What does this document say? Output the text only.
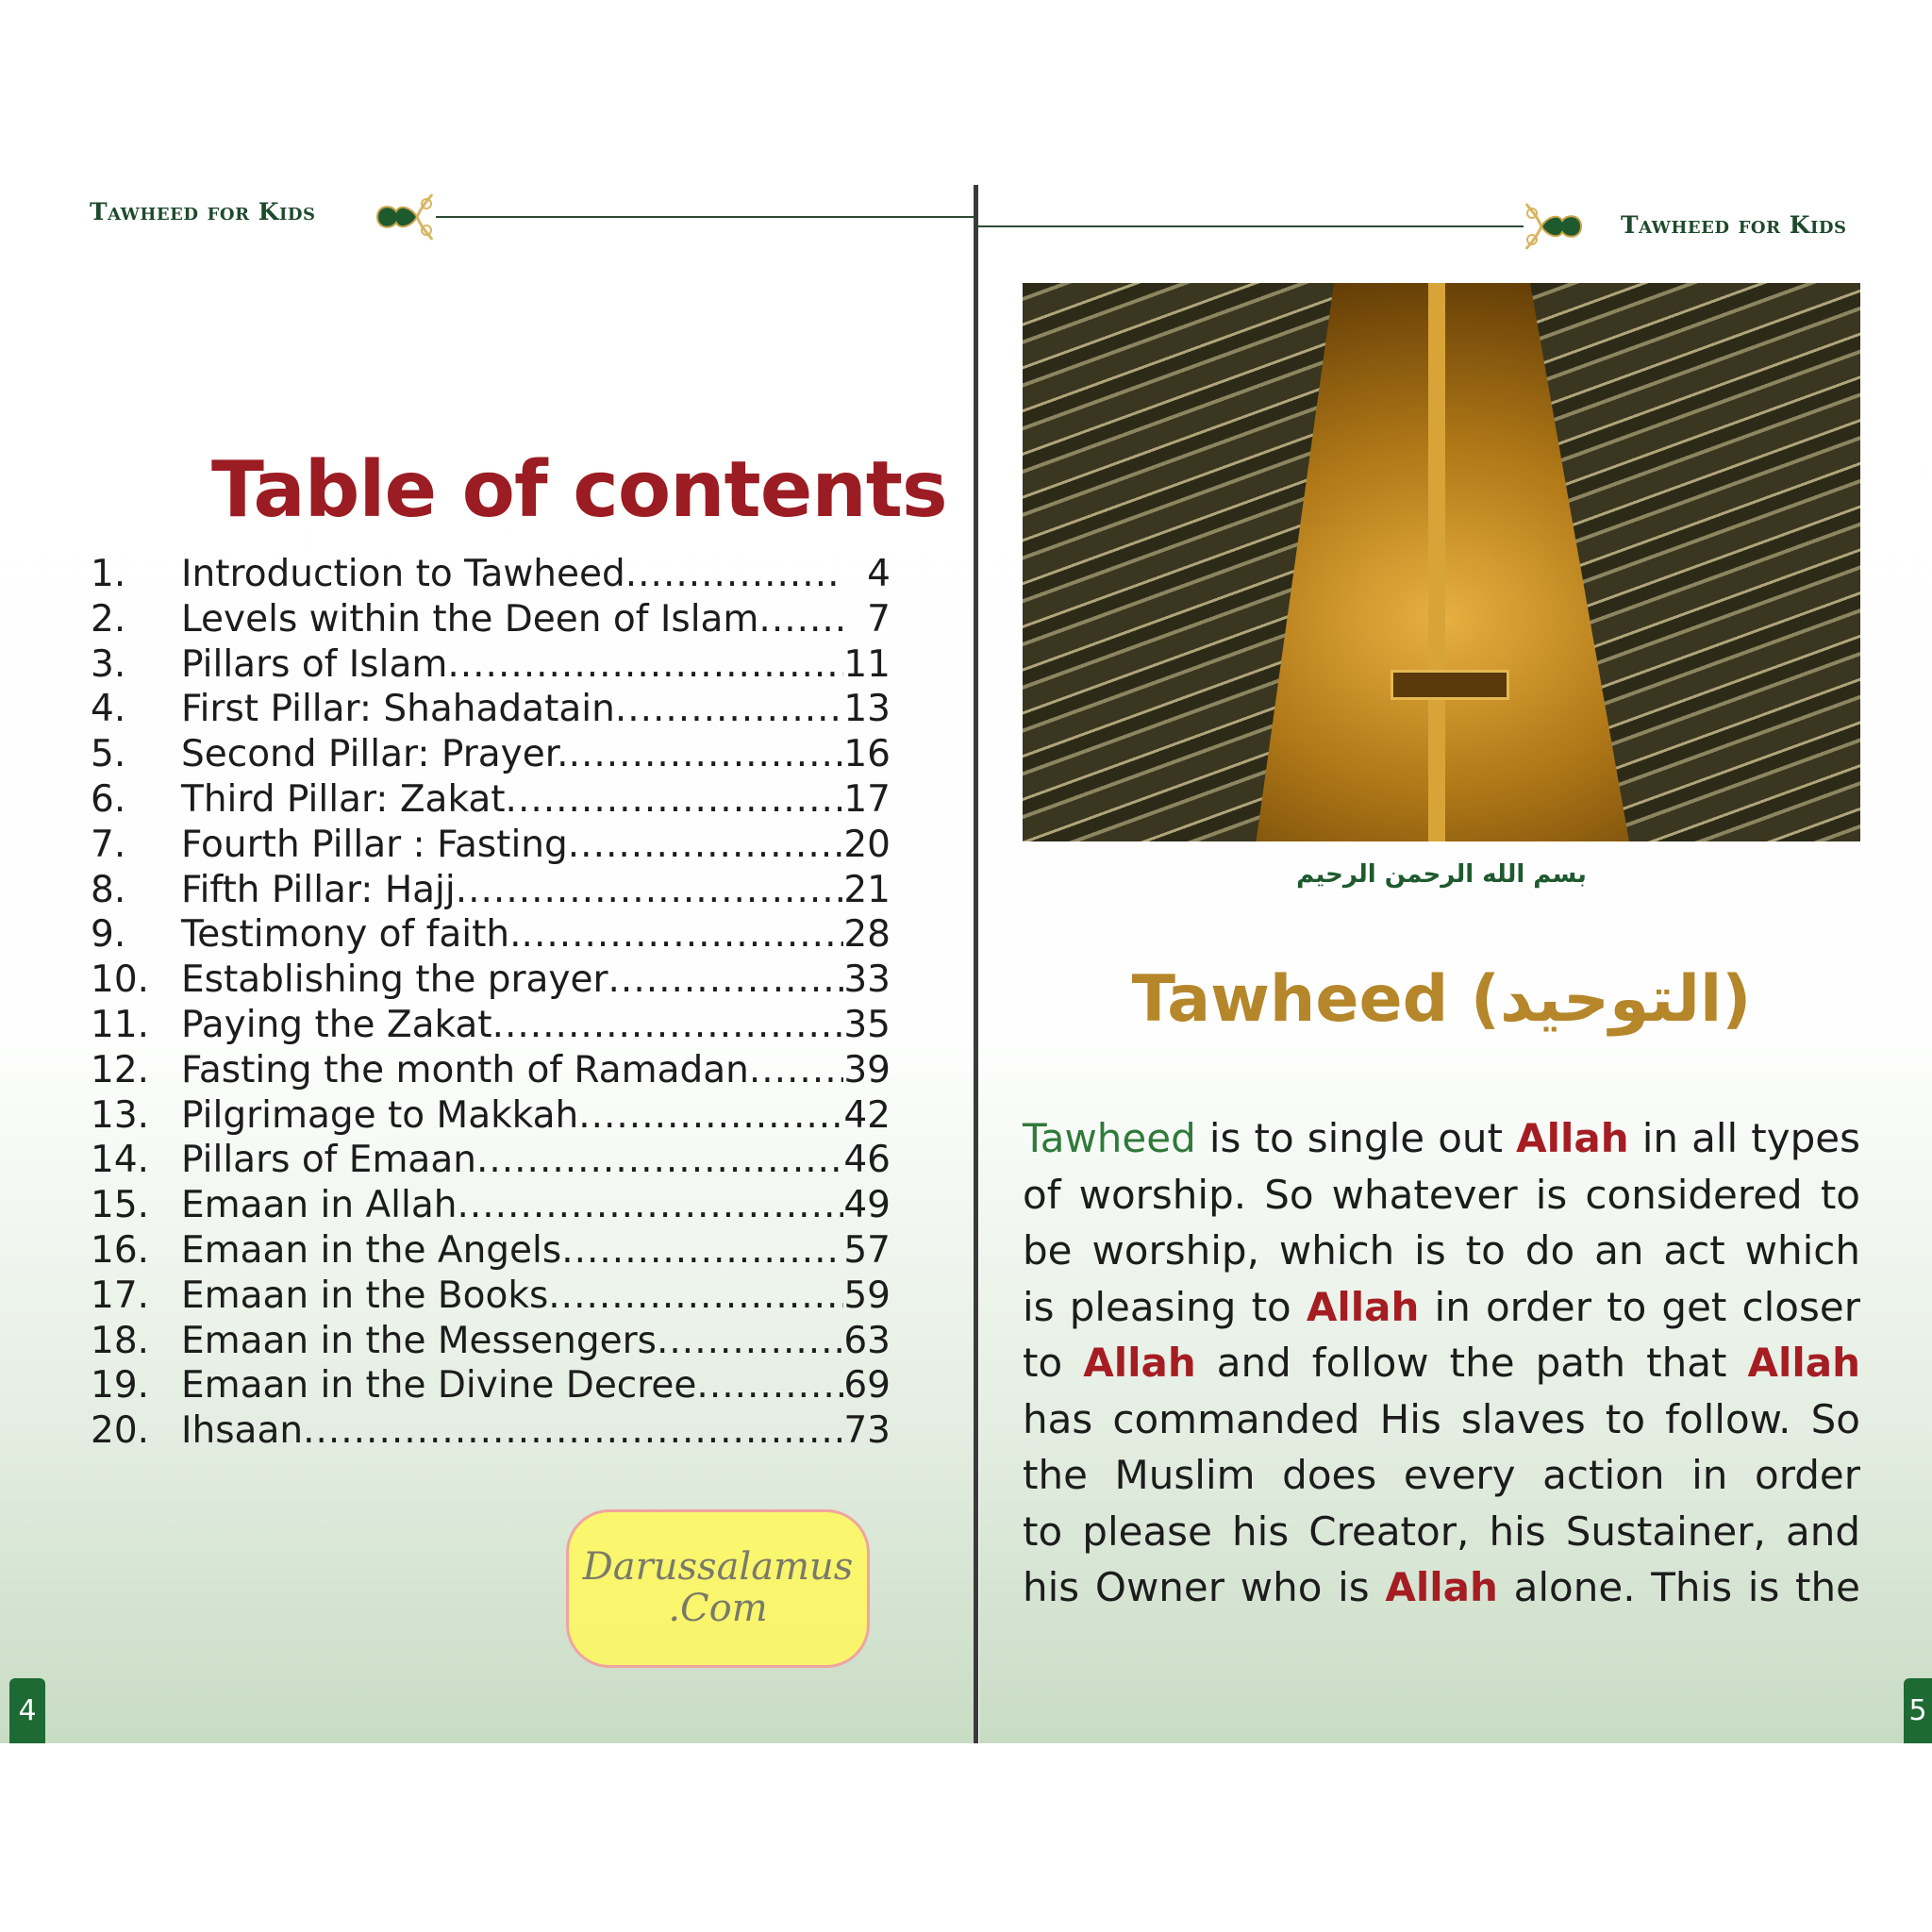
Tawheed for Kids	Tawheed for Kids
Table of contents
1.	Introduction to Tawheed .....	4
2.	Levels within the Deen of Islam .....	7
3.	Pillars of Islam .....	11
4.	First Pillar: Shahadatain .....	13
5.	Second Pillar: Prayer. .....	16
6.	Third Pillar: Zakat .....	17
7.	Fourth Pillar : Fasting .....	20
8.	Fifth Pillar: Hajj .....	21
9.	Testimony of faith. .....	28
10. Establishing the prayer .....	33
11. Paying the Zakat .....	35
12. Fasting the month of Ramadan .....	39
13. Pilgrimage to Makkah .....	42
14. Pillars of Emaan .....	46
15. Emaan in Allah .....	49
16. Emaan in the Angels .....	57
17. Emaan in the Books .....	59
18. Emaan in the Messengers .....	63
19. Emaan in the Divine Decree .....	69
20. Ihsaan .....	73
بسم الله الرحمن الرحيم
Tawheed (التوحيد)
Tawheed is to single out Allah in all types
of worship. So whatever is considered to
be worship, which is to do an act which
is pleasing to Allah in order to get closer
to Allah and follow the path that Allah
has commanded His slaves to follow. So
the Muslim does every action in order
to please his Creator, his Sustainer, and
his Owner who is Allah alone. This is the
Darussalamus
.Com
4	5
